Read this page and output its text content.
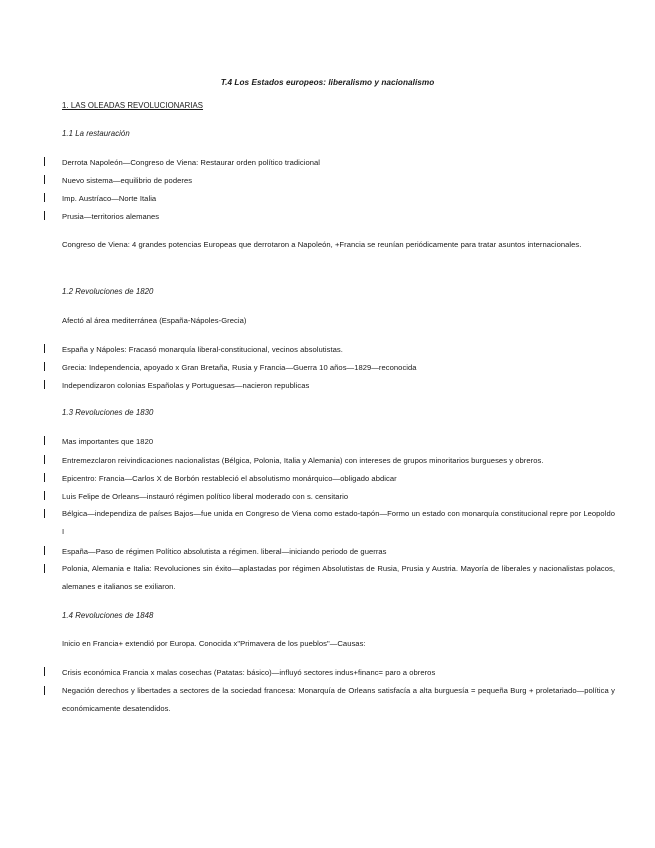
T.4 Los Estados europeos: liberalismo y nacionalismo
1. LAS OLEADAS REVOLUCIONARIAS
1.1 La restauración
Derrota Napoleón—Congreso de Viena: Restaurar orden político tradicional
Nuevo sistema—equilibrio de poderes
Imp. Austríaco—Norte Italia
Prusia—territorios alemanes
Congreso de Viena: 4 grandes potencias Europeas que derrotaron a Napoleón, +Francia se reunían periódicamente para tratar asuntos internacionales.
1.2 Revoluciones de 1820
Afectó al área mediterránea (España-Nápoles-Grecia)
España y Nápoles: Fracasó monarquía liberal-constitucional, vecinos absolutistas.
Grecia: Independencia, apoyado x Gran Bretaña, Rusia y Francia—Guerra 10 años—1829—reconocida
Independizaron colonias Españolas y Portuguesas—nacieron republicas
1.3 Revoluciones de 1830
Mas importantes que 1820
Entremezclaron reivindicaciones nacionalistas (Bélgica, Polonia, Italia y Alemania) con intereses de grupos minoritarios burgueses y obreros.
Epicentro: Francia—Carlos X de Borbón restableció el absolutismo monárquico—obligado abdicar
Luis Felipe de Orleans—instauró régimen político liberal moderado con s. censitario
Bélgica—independiza de países Bajos—fue unida en Congreso de Viena como estado-tapón—Formo un estado con monarquía constitucional repre por Leopoldo I
España—Paso de régimen Político absolutista a régimen. liberal—iniciando periodo de guerras
Polonia, Alemania e Italia: Revoluciones sin éxito—aplastadas por régimen Absolutistas de Rusia, Prusia y Austria. Mayoría de liberales y nacionalistas polacos, alemanes e italianos se exiliaron.
1.4 Revoluciones de 1848
Inicio en Francia+ extendió por Europa. Conocida x"Primavera de los pueblos"—Causas:
Crisis económica Francia x malas cosechas (Patatas: básico)—influyó sectores indus+financ= paro a obreros
Negación derechos y libertades a sectores de la sociedad francesa: Monarquía de Orleans satisfacía a alta burguesía = pequeña Burg + proletariado—política y económicamente desatendidos.
